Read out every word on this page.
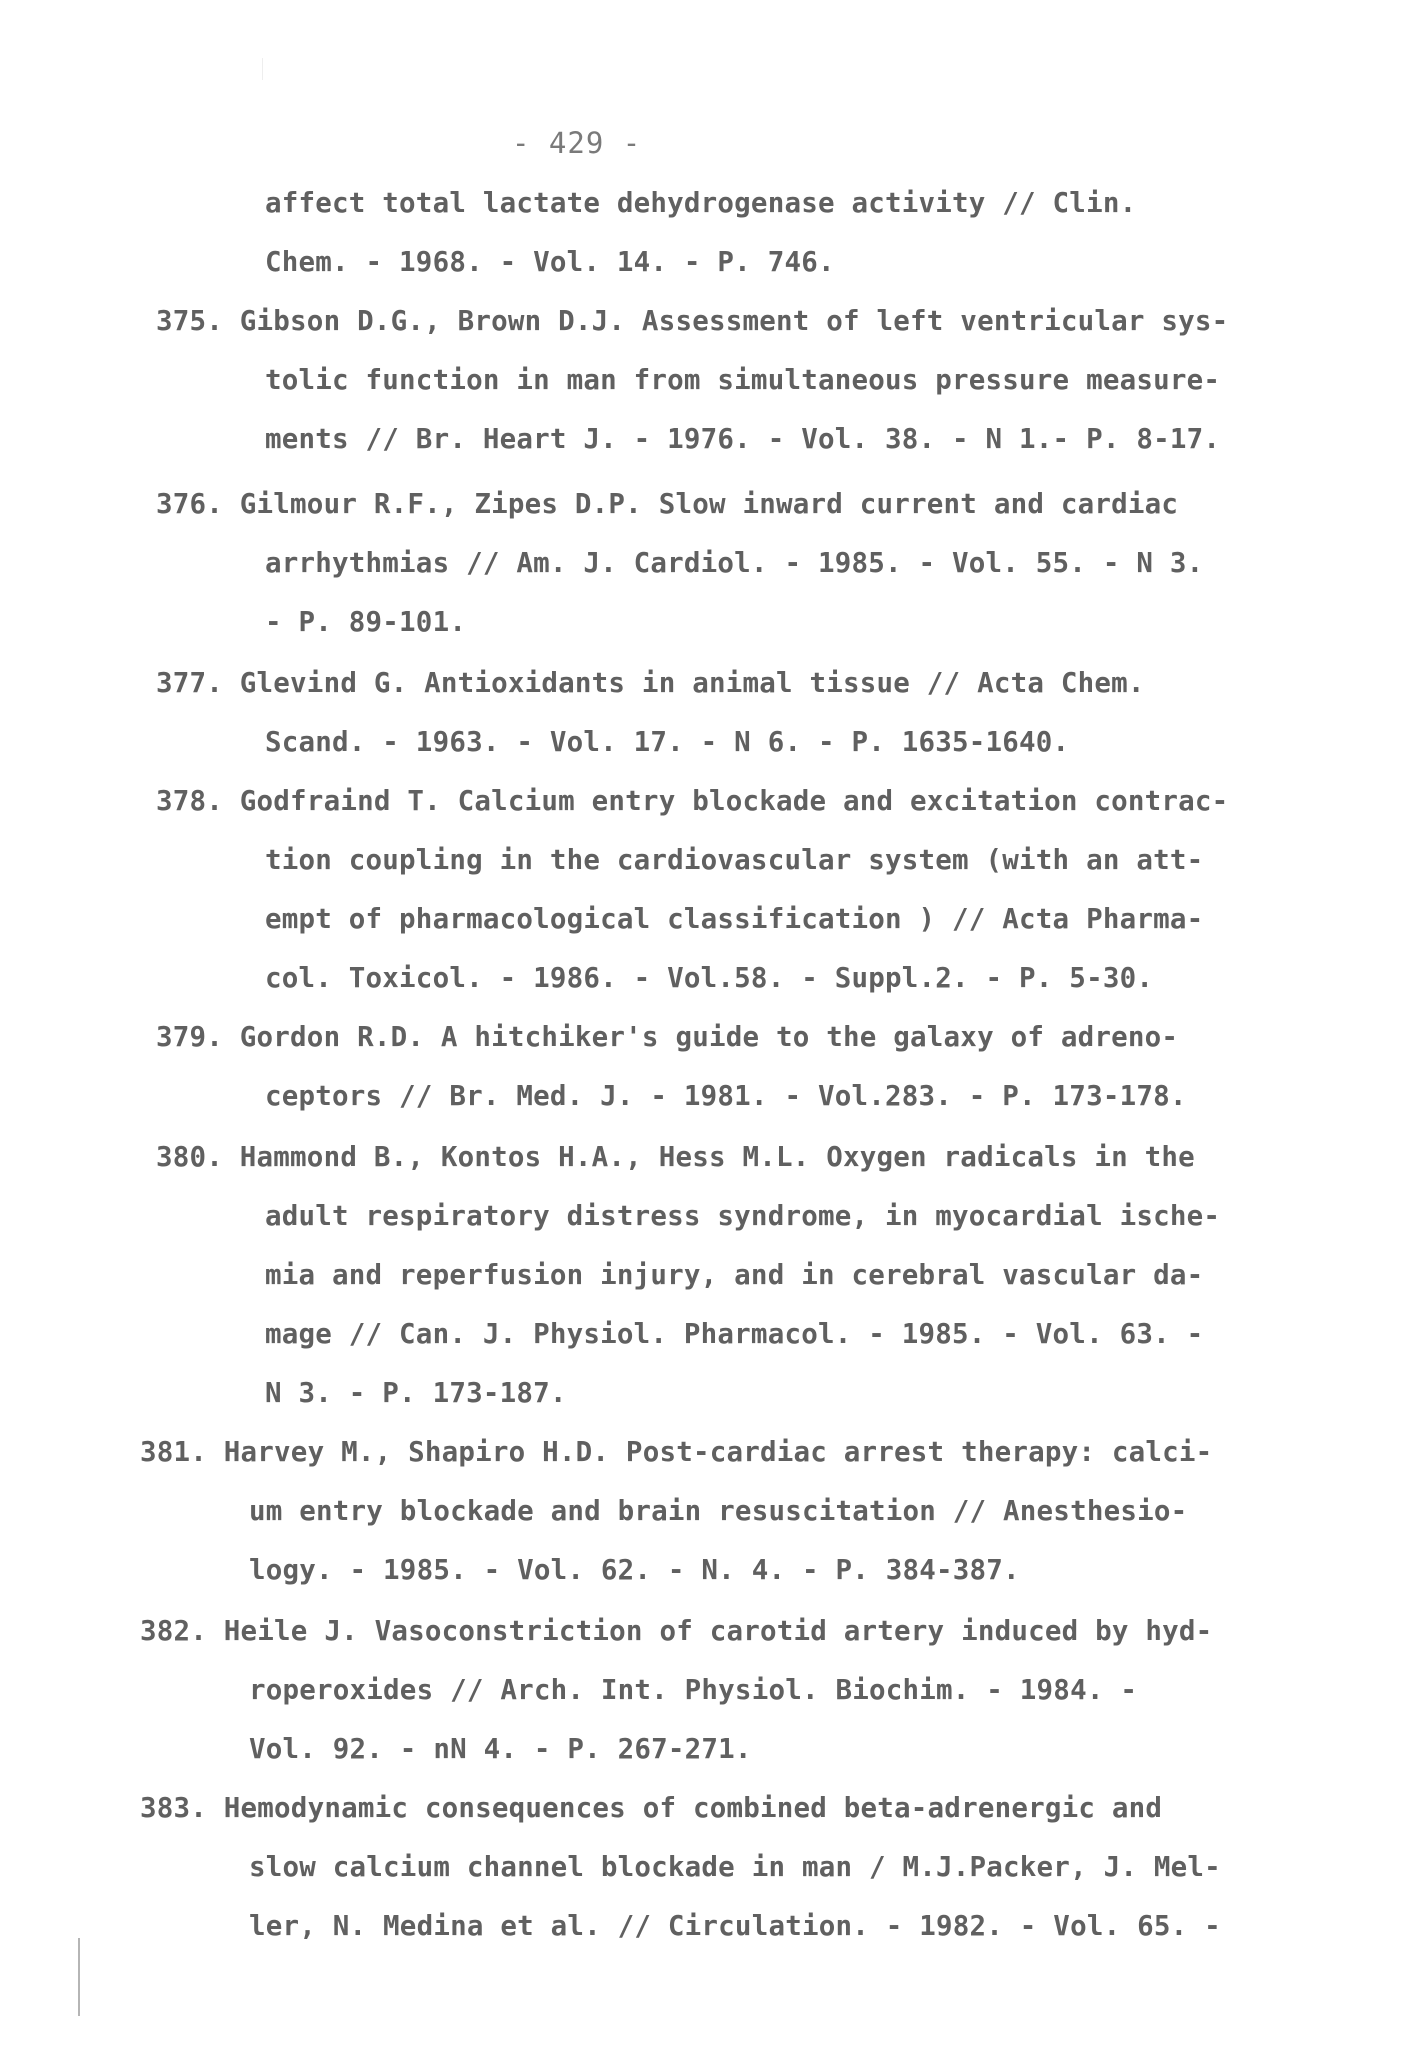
- 429 -
affect total lactate dehydrogenase activity // Clin.
Chem. - 1968. - Vol. 14. - P. 746.
375. Gibson D.G., Brown D.J. Assessment of left ventricular sys-
tolic function in man from simultaneous pressure measure-
ments // Br. Heart J. - 1976. - Vol. 38. - N 1.- P. 8-17.
376. Gilmour R.F., Zipes D.P. Slow inward current and cardiac
arrhythmias // Am. J. Cardiol. - 1985. - Vol. 55. - N 3.
- P. 89-101.
377. Glevind G. Antioxidants in animal tissue // Acta Chem.
Scand. - 1963. - Vol. 17. - N 6. - P. 1635-1640.
378. Godfraind T. Calcium entry blockade and excitation contrac-
tion coupling in the cardiovascular system (with an att-
empt of pharmacological classification ) // Acta Pharma-
col. Toxicol. - 1986. - Vol.58. - Suppl.2. - P. 5-30.
379. Gordon R.D. A hitchiker's guide to the galaxy of adreno-
ceptors // Br. Med. J. - 1981. - Vol.283. - P. 173-178.
380. Hammond B., Kontos H.A., Hess M.L. Oxygen radicals in the
adult respiratory distress syndrome, in myocardial ische-
mia and reperfusion injury, and in cerebral vascular da-
mage // Can. J. Physiol. Pharmacol. - 1985. - Vol. 63. -
N 3. - P. 173-187.
381. Harvey M., Shapiro H.D. Post-cardiac arrest therapy: calci-
um entry blockade and brain resuscitation // Anesthesio-
logy. - 1985. - Vol. 62. - N. 4. - P. 384-387.
382. Heile J. Vasoconstriction of carotid artery induced by hyd-
roperoxides // Arch. Int. Physiol. Biochim. - 1984. -
Vol. 92. - nN 4. - P. 267-271.
383. Hemodynamic consequences of combined beta-adrenergic and
slow calcium channel blockade in man / M.J.Packer, J. Mel-
ler, N. Medina et al. // Circulation. - 1982. - Vol. 65. -
